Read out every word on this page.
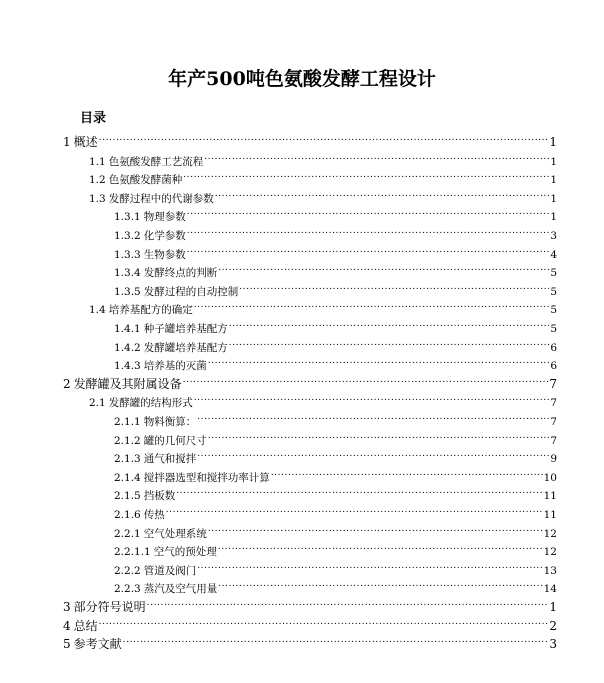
年产500吨色氨酸发酵工程设计
目录
1 概述 .....	1
1.1 色氨酸发酵工艺流程 .....	1
1.2 色氨酸发酵菌种 .....	1
1.3 发酵过程中的代谢参数 .....	1
1.3.1 物理参数 .....	1
1.3.2 化学参数 .....	3
1.3.3 生物参数 .....	4
1.3.4 发酵终点的判断 .....	5
1.3.5 发酵过程的自动控制 .....	5
1.4 培养基配方的确定 .....	5
1.4.1 种子罐培养基配方 .....	5
1.4.2 发酵罐培养基配方 .....	6
1.4.3 培养基的灭菌 .....	6
2 发酵罐及其附属设备 .....	7
2.1 发酵罐的结构形式 .....	7
2.1.1 物料衡算： .....	7
2.1.2 罐的几何尺寸 .....	7
2.1.3 通气和搅拌 .....	9
2.1.4 搅拌器选型和搅拌功率计算 .....	10
2.1.5 挡板数 .....	11
2.1.6 传热 .....	11
2.2.1 空气处理系统 .....	12
2.2.1.1 空气的预处理 .....	12
2.2.2 管道及阀门 .....	13
2.2.3 蒸汽及空气用量 .....	14
3 部分符号说明 .....	1
4 总结 .....	2
5 参考文献 .....	3
